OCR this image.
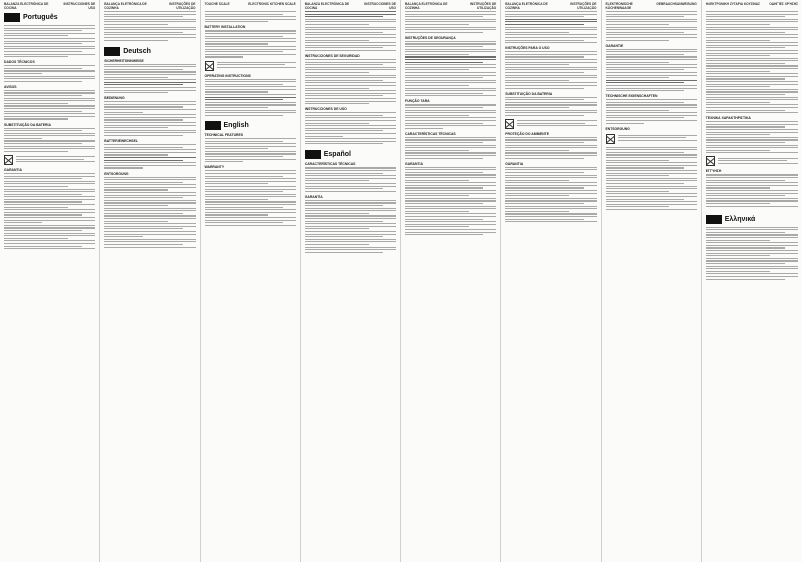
BALANZA ELECTRÓNICA DE COCINA
INSTRUCCIONES DE USO
Português
DADOS TÉCNICOS
AVISOS
SUBSTITUIÇÃO DA BATERIA
GARANTIA
BALANÇA ELETRÓNICA DE COZINHA
INSTRUÇÕES DE UTILIZAÇÃO
Deutsch
SICHERHEITSHINWEISE
BEDIENUNG
BATTERIEWECHSEL
ENTSORGUNG
TOUCHE SCALE	ELECTRONIC KITCHEN SCALE
BATTERY INSTALLATION
OPERATING INSTRUCTIONS
English
TECHNICAL FEATURES
WARRANTY
BALANZA ELECTRÓNICA DE COCINA
INSTRUCCIONES DE USO
INSTRUCCIONES DE SEGURIDAD
INSTRUCCIONES DE USO
Español
CARACTERÍSTICAS TÉCNICAS
GARANTÍA
BALANÇA ELETRÓNICA DE COZINHA
INSTRUÇÕES DE UTILIZAÇÃO
INSTRUÇÕES DE SEGURANÇA
FUNÇÃO TARA
CARACTERÍSTICAS TÉCNICAS
GARANTIA
BALANÇA ELETRÓNICA DE COZINHA
INSTRUÇÕES DE UTILIZAÇÃO
INSTRUÇÕES PARA O USO
SUBSTITUIÇÃO DA BATERIA
PROTEÇÃO DO AMBIENTE
GARANTIA
ELEKTRONISCHE KÜCHENWAAGE
GEBRAUCHSANWEISUNG
GARANTIE
TECHNISCHE EIGENSCHAFTEN
ENTSORGUNG
ΗΛΕΚΤΡΟΝΙΚΗ ΖΥΓΑΡΙΑ ΚΟΥΖΙΝΑΣ	ΟΔΗΓΊΕΣ ΧΡΉΣΗΣ
ΤΕΧΝΙΚΑ ΧΑΡΑΚΤΗΡΙΣΤΙΚΑ
ΕΓΓΥΗΣΗ
Ελληνικά
